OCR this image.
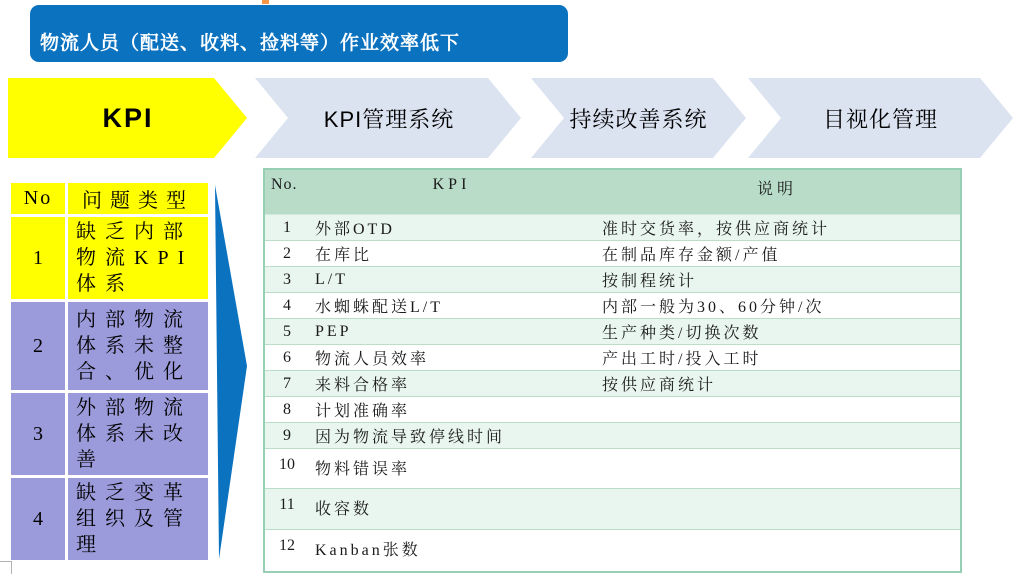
物流人员（配送、收料、捡料等）作业效率低下
KPI	KPI管理系统	持续改善系统	目视化管理
No	问题类型
1	缺乏内部物流KPI体系
2	内部物流体系未整合、优化
3	外部物流体系未改善
4	缺乏变革组织及管理
No.	KPI	说明
1	外部OTD	准时交货率，按供应商统计
2	在库比	在制品库存金额/产值
3	L/T	按制程统计
4	水蜘蛛配送L/T	内部一般为30、60分钟/次
5	PEP	生产种类/切换次数
6	物流人员效率	产出工时/投入工时
7	来料合格率	按供应商统计
8	计划准确率	
9	因为物流导致停线时间	
10	物料错误率	
11	收容数	
12	Kanban张数	
